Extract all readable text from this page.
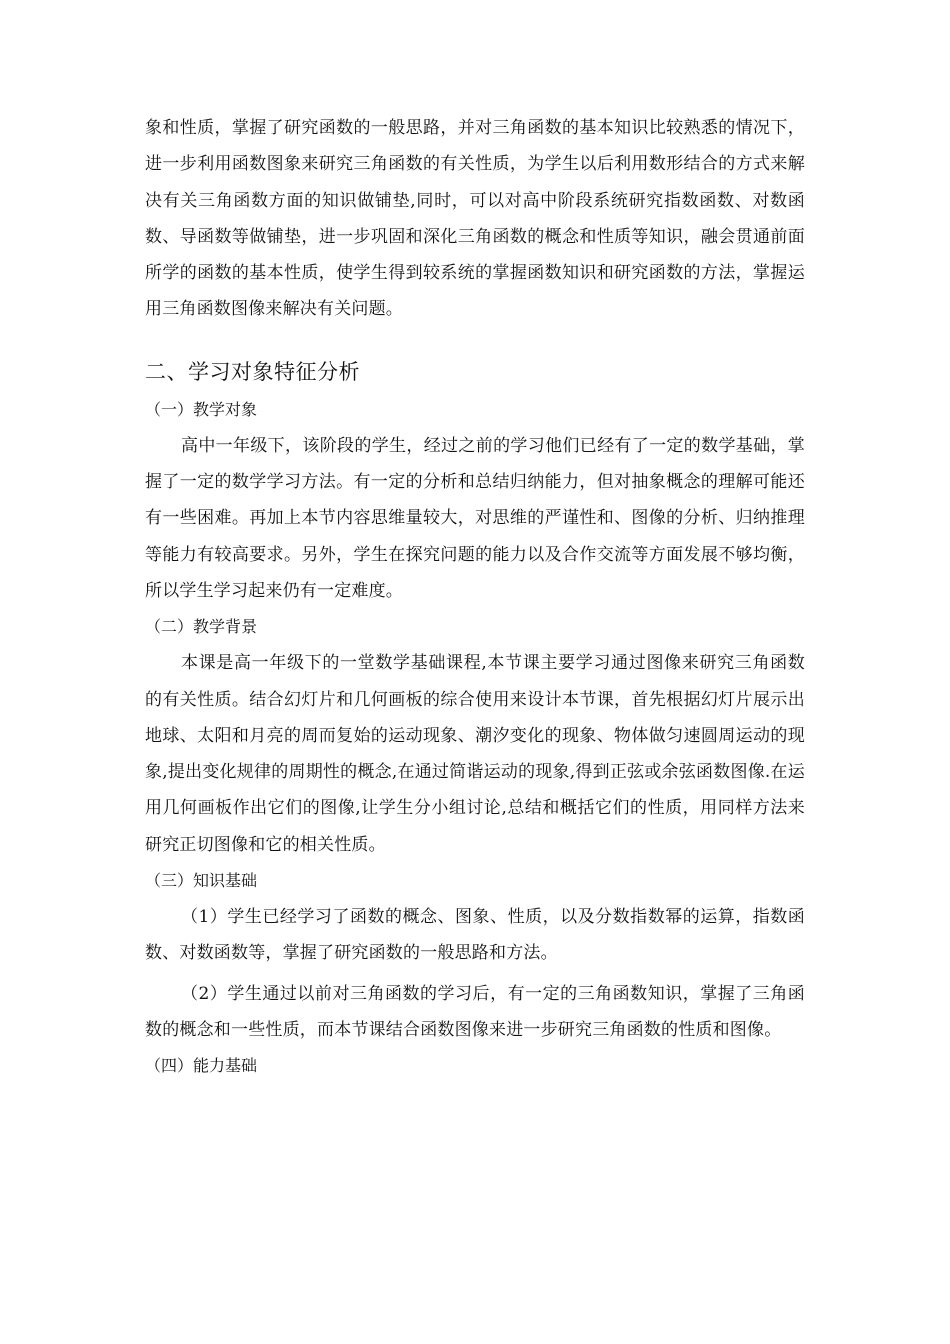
象和性质，掌握了研究函数的一般思路，并对三角函数的基本知识比较熟悉的情况下，进一步利用函数图象来研究三角函数的有关性质，为学生以后利用数形结合的方式来解决有关三角函数方面的知识做铺垫,同时，可以对高中阶段系统研究指数函数、对数函数、导函数等做铺垫，进一步巩固和深化三角函数的概念和性质等知识，融会贯通前面所学的函数的基本性质，使学生得到较系统的掌握函数知识和研究函数的方法，掌握运用三角函数图像来解决有关问题。

二、学习对象特征分析
（一）教学对象

高中一年级下，该阶段的学生，经过之前的学习他们已经有了一定的数学基础，掌握了一定的数学学习方法。有一定的分析和总结归纳能力，但对抽象概念的理解可能还有一些困难。再加上本节内容思维量较大，对思维的严谨性和、图像的分析、归纳推理等能力有较高要求。另外，学生在探究问题的能力以及合作交流等方面发展不够均衡，所以学生学习起来仍有一定难度。

（二）教学背景

本课是高一年级下的一堂数学基础课程,本节课主要学习通过图像来研究三角函数的有关性质。结合幻灯片和几何画板的综合使用来设计本节课，首先根据幻灯片展示出地球、太阳和月亮的周而复始的运动现象、潮汐变化的现象、物体做匀速圆周运动的现象,提出变化规律的周期性的概念,在通过简谐运动的现象,得到正弦或余弦函数图像.在运用几何画板作出它们的图像,让学生分小组讨论,总结和概括它们的性质，用同样方法来研究正切图像和它的相关性质。

（三）知识基础

（1）学生已经学习了函数的概念、图象、性质，以及分数指数幂的运算，指数函数、对数函数等，掌握了研究函数的一般思路和方法。

（2）学生通过以前对三角函数的学习后，有一定的三角函数知识，掌握了三角函数的概念和一些性质，而本节课结合函数图像来进一步研究三角函数的性质和图像。

（四）能力基础
